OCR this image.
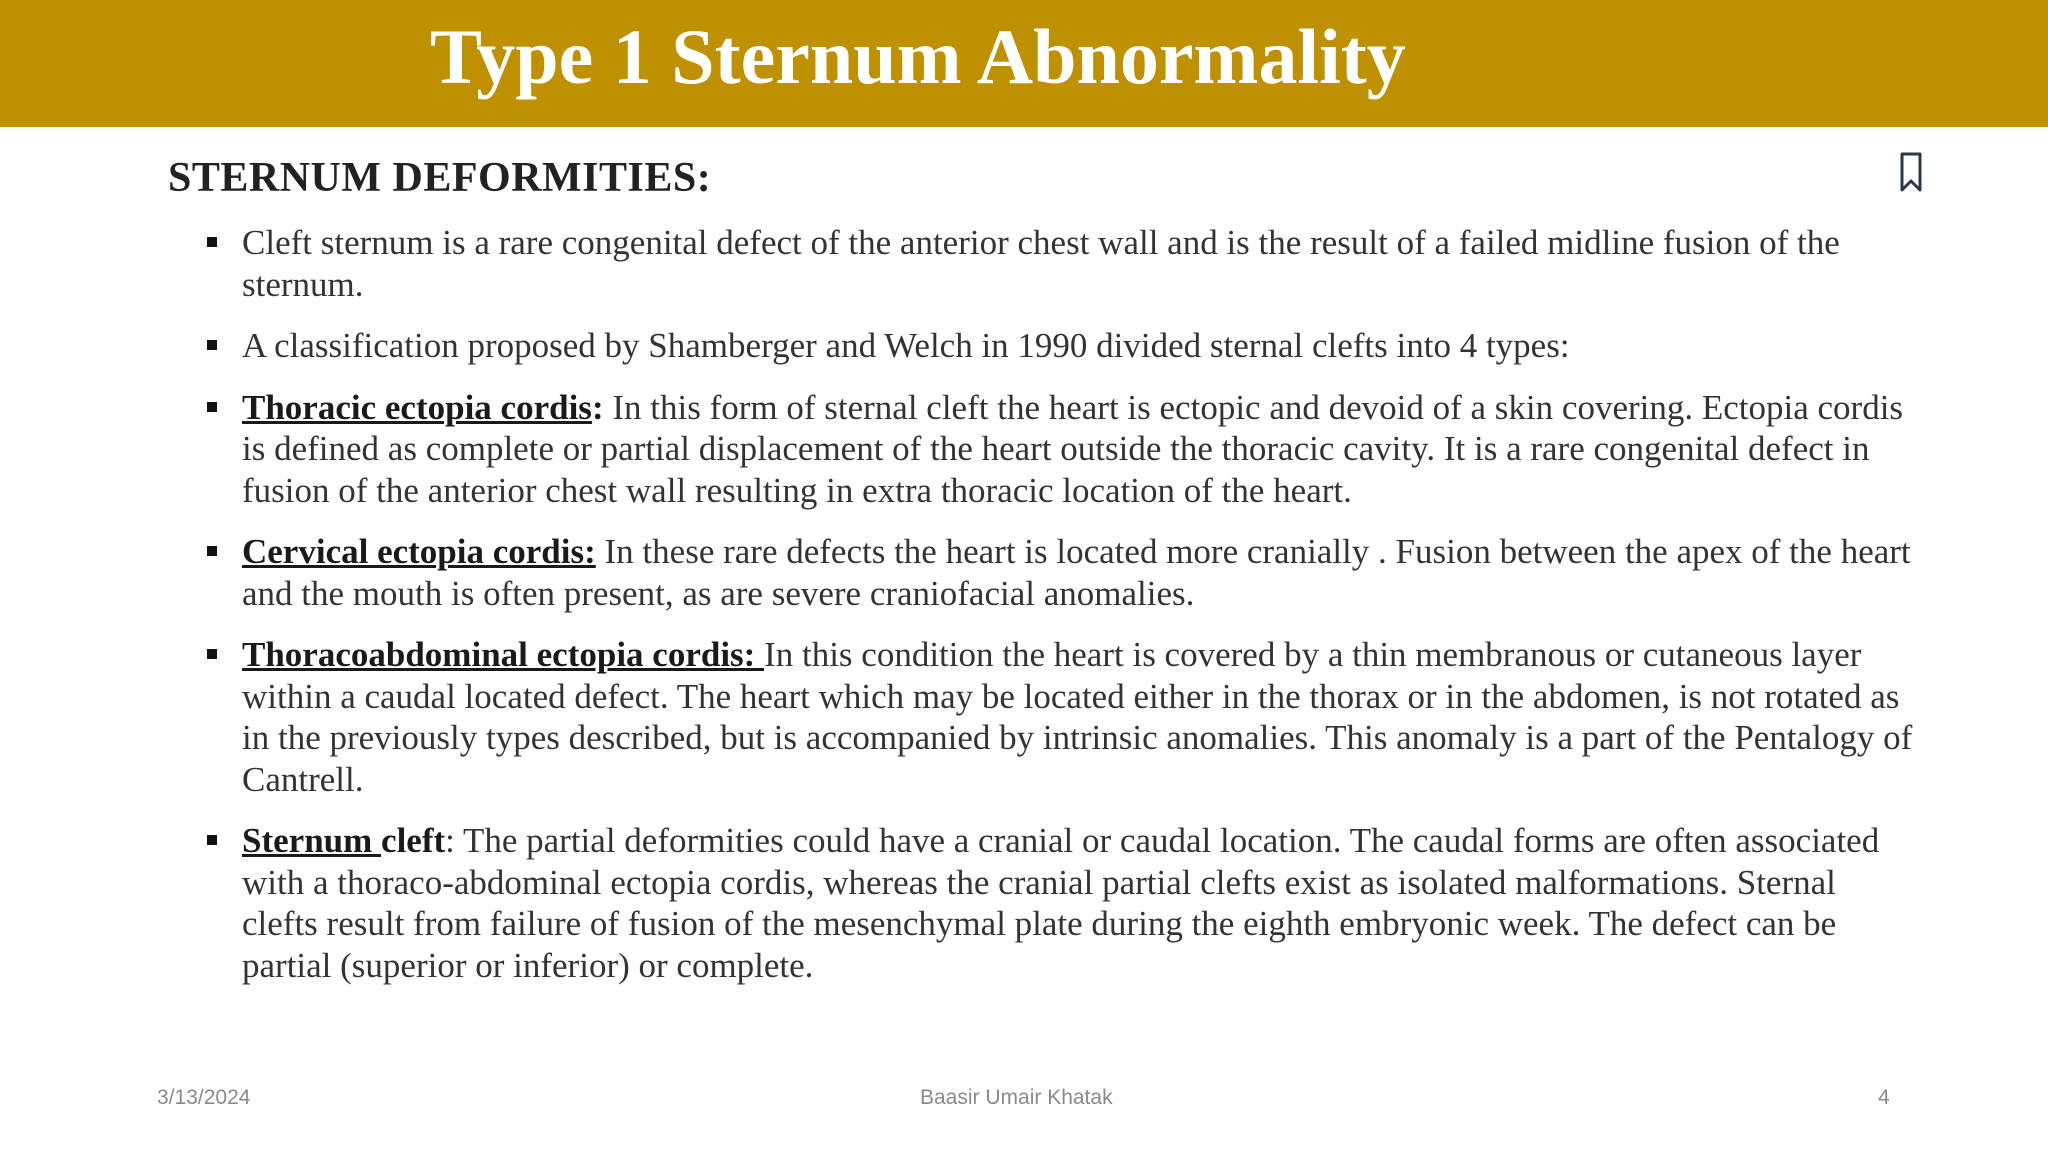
Type 1 Sternum Abnormality
STERNUM DEFORMITIES:
Cleft sternum is a rare congenital defect of the anterior chest wall and is the result of a failed midline fusion of the sternum.
A classification proposed by Shamberger and Welch in 1990 divided sternal clefts into 4 types:
Thoracic ectopia cordis: In this form of sternal cleft the heart is ectopic and devoid of a skin covering. Ectopia cordis is defined as complete or partial displacement of the heart outside the thoracic cavity. It is a rare congenital defect in fusion of the anterior chest wall resulting in extra thoracic location of the heart.
Cervical ectopia cordis: In these rare defects the heart is located more cranially . Fusion between the apex of the heart and the mouth is often present, as are severe craniofacial anomalies.
Thoracoabdominal ectopia cordis: In this condition the heart is covered by a thin membranous or cutaneous layer within a caudal located defect. The heart which may be located either in the thorax or in the abdomen, is not rotated as in the previously types described, but is accompanied by intrinsic anomalies. This anomaly is a part of the Pentalogy of Cantrell.
Sternum cleft: The partial deformities could have a cranial or caudal location. The caudal forms are often associated with a thoraco-abdominal ectopia cordis, whereas the cranial partial clefts exist as isolated malformations. Sternal clefts result from failure of fusion of the mesenchymal plate during the eighth embryonic week. The defect can be partial (superior or inferior) or complete.
3/13/2024	Baasir Umair Khatak	4
